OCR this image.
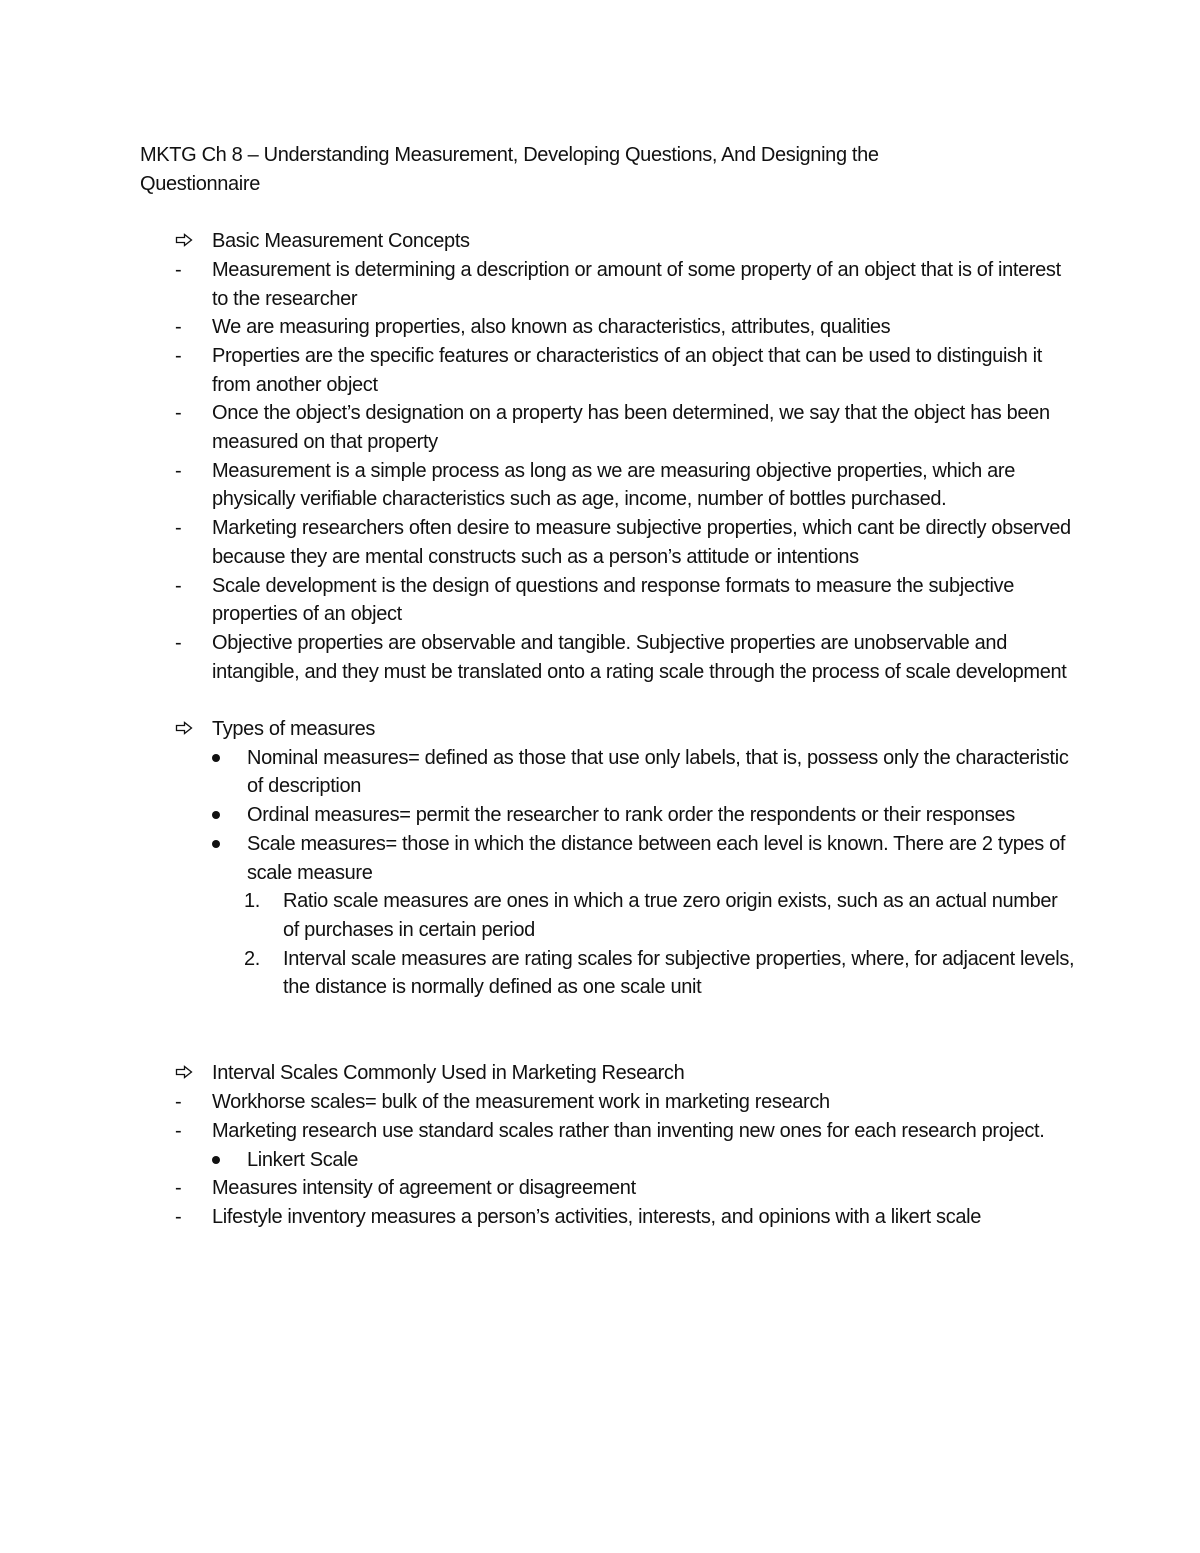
MKTG Ch 8 – Understanding Measurement, Developing Questions, And Designing the Questionnaire
Basic Measurement Concepts
-	Measurement is determining a description or amount of some property of an object that is of interest to the researcher
-	We are measuring properties, also known as characteristics, attributes, qualities
-	Properties are the specific features or characteristics of an object that can be used to distinguish it from another object
-	Once the object’s designation on a property has been determined, we say that the object has been measured on that property
-	Measurement is a simple process as long as we are measuring objective properties, which are physically verifiable characteristics such as age, income, number of bottles purchased.
-	Marketing researchers often desire to measure subjective properties, which cant be directly observed because they are mental constructs such as a person’s attitude or intentions
-	Scale development is the design of questions and response formats to measure the subjective properties of an object
-	Objective properties are observable and tangible. Subjective properties are unobservable and intangible, and they must be translated onto a rating scale through the process of scale development
Types of measures
Nominal measures= defined as those that use only labels, that is, possess only the characteristic of description
Ordinal measures= permit the researcher to rank order the respondents or their responses
Scale measures= those in which the distance between each level is known. There are 2 types of scale measure
1.	Ratio scale measures are ones in which a true zero origin exists, such as an actual number of purchases in certain period
2.	Interval scale measures are rating scales for subjective properties, where, for adjacent levels, the distance is normally defined as one scale unit
Interval Scales Commonly Used in Marketing Research
-	Workhorse scales= bulk of the measurement work in marketing research
-	Marketing research use standard scales rather than inventing new ones for each research project.
Linkert Scale
-	Measures intensity of agreement or disagreement
-	Lifestyle inventory measures a person’s activities, interests, and opinions with a likert scale
